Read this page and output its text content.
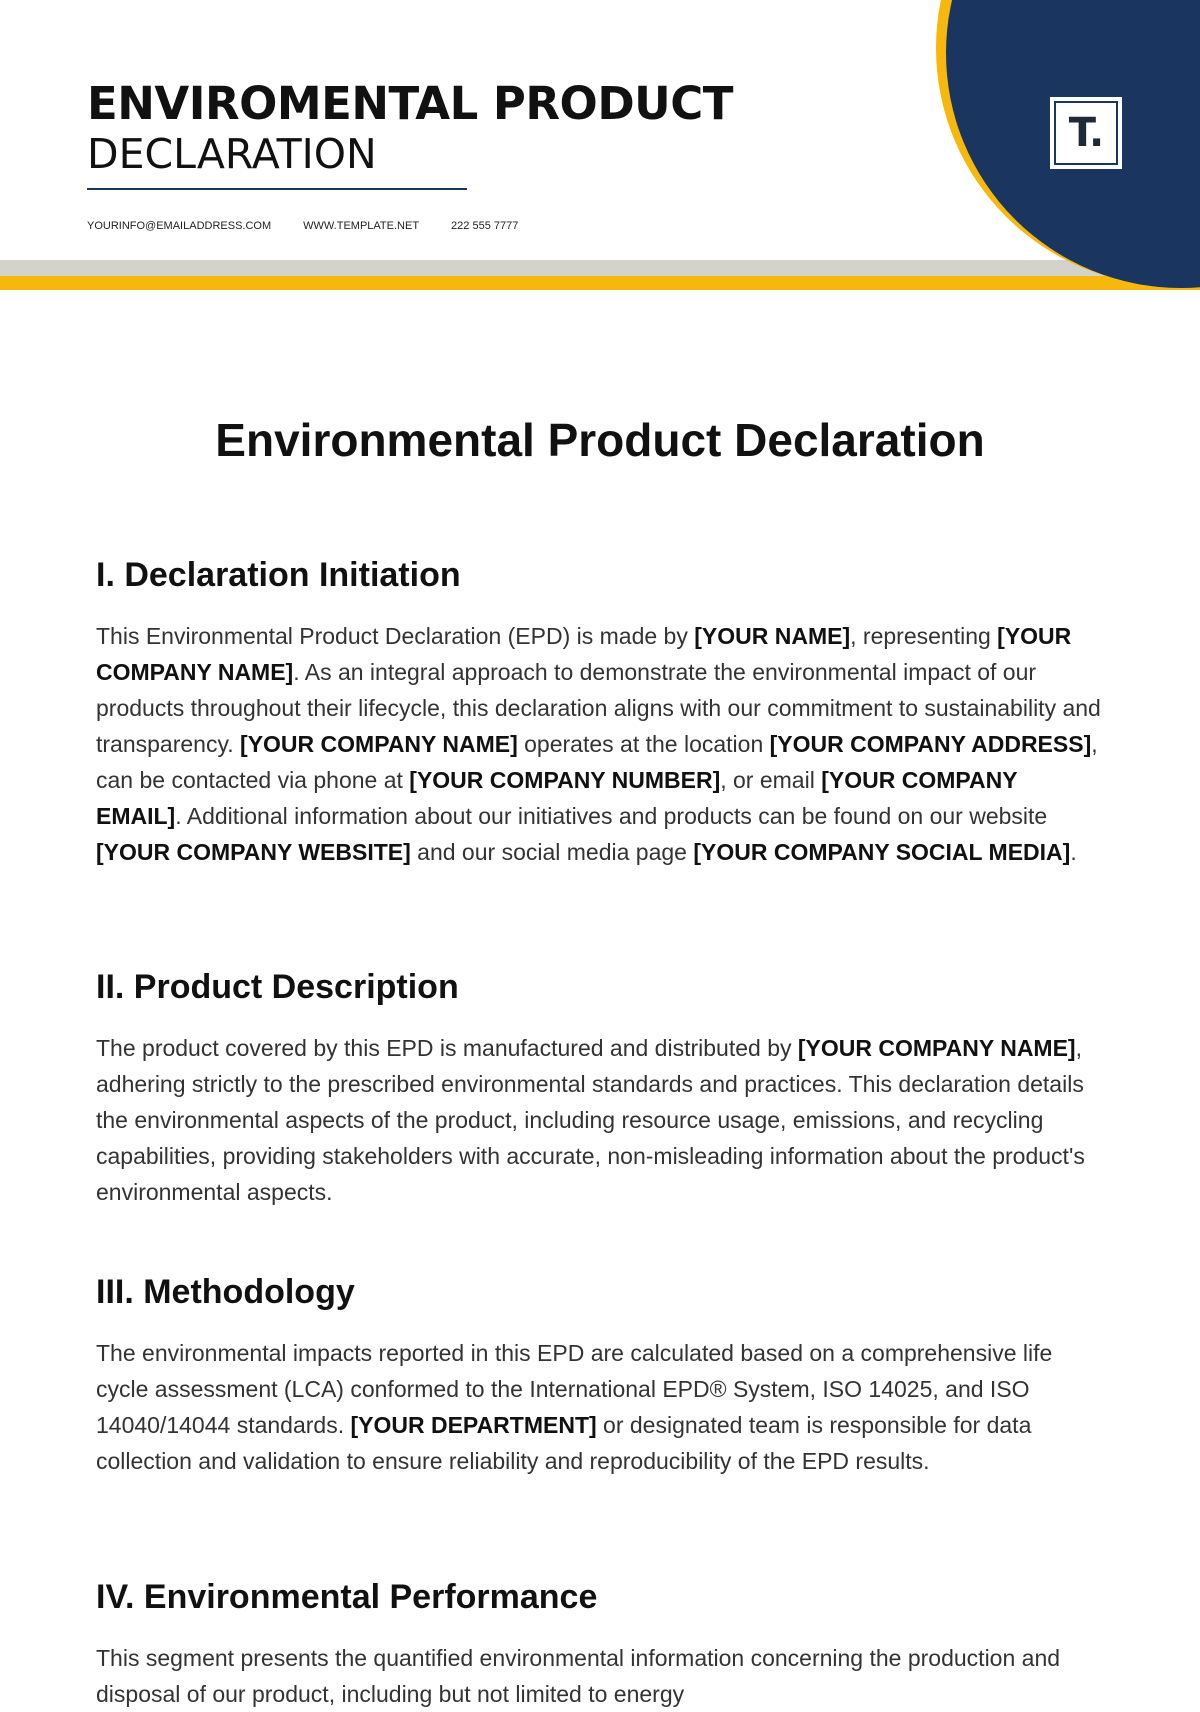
T.
ENVIROMENTAL PRODUCT
DECLARATION
YOURINFO@EMAILADDRESS.COM	WWW.TEMPLATE.NET	222 555 7777
Environmental Product Declaration
I. Declaration Initiation

This Environmental Product Declaration (EPD) is made by [YOUR NAME], representing [YOUR COMPANY NAME]. As an integral approach to demonstrate the environmental impact of our products throughout their lifecycle, this declaration aligns with our commitment to sustainability and transparency. [YOUR COMPANY NAME] operates at the location [YOUR COMPANY ADDRESS], can be contacted via phone at [YOUR COMPANY NUMBER], or email [YOUR COMPANY EMAIL]. Additional information about our initiatives and products can be found on our website [YOUR COMPANY WEBSITE] and our social media page [YOUR COMPANY SOCIAL MEDIA].

II. Product Description

The product covered by this EPD is manufactured and distributed by [YOUR COMPANY NAME], adhering strictly to the prescribed environmental standards and practices. This declaration details the environmental aspects of the product, including resource usage, emissions, and recycling capabilities, providing stakeholders with accurate, non-misleading information about the product's environmental aspects.

III. Methodology

The environmental impacts reported in this EPD are calculated based on a comprehensive life cycle assessment (LCA) conformed to the International EPD® System, ISO 14025, and ISO 14040/14044 standards. [YOUR DEPARTMENT] or designated team is responsible for data collection and validation to ensure reliability and reproducibility of the EPD results.

IV. Environmental Performance

This segment presents the quantified environmental information concerning the production and disposal of our product, including but not limited to energy
